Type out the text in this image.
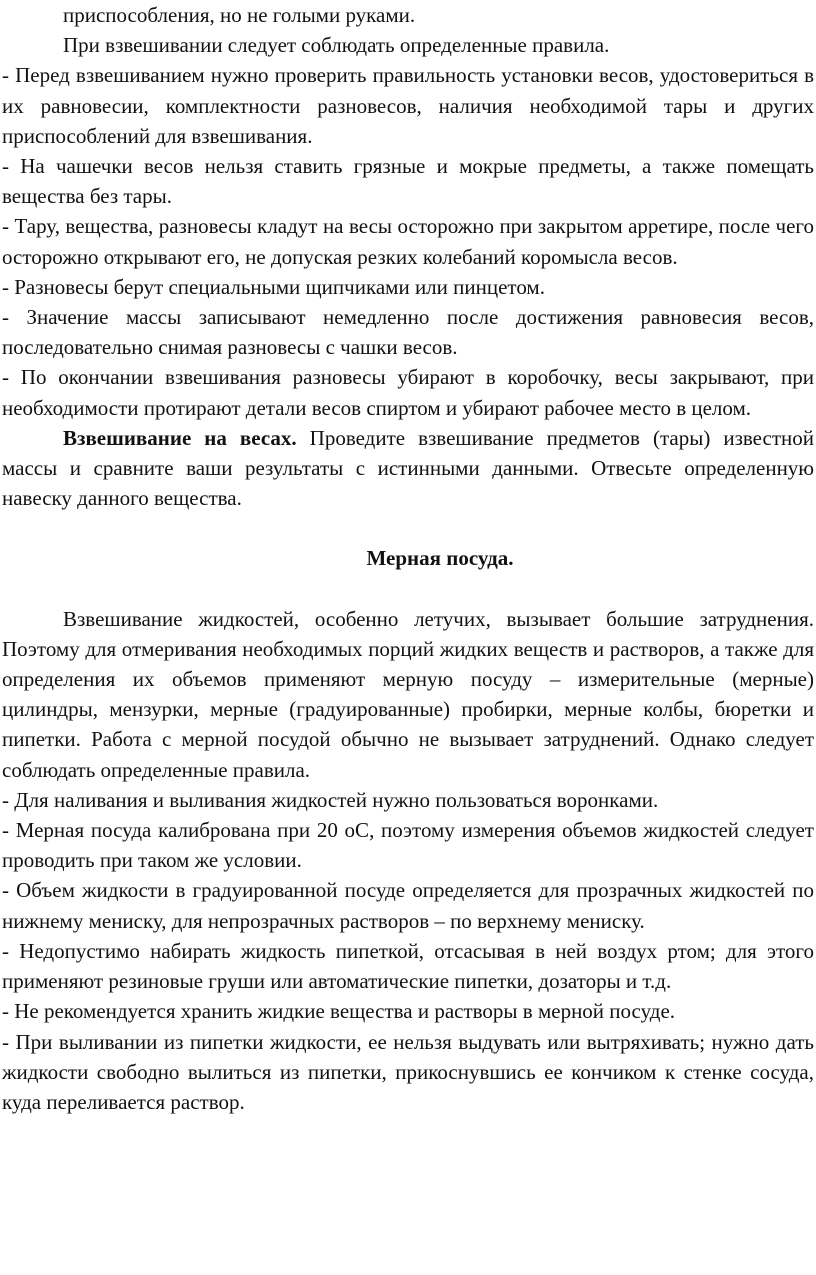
приспособления, но не голыми руками.

При взвешивании следует соблюдать определенные правила.

- Перед взвешиванием нужно проверить правильность установки весов, удостовериться в их равновесии, комплектности разновесов, наличия необходимой тары и других приспособлений для взвешивания.

- На чашечки весов нельзя ставить грязные и мокрые предметы, а также помещать вещества без тары.

- Тару, вещества, разновесы кладут на весы осторожно при закрытом арретире, после чего осторожно открывают его, не допуская резких колебаний коромысла весов.

- Разновесы берут специальными щипчиками или пинцетом.

- Значение массы записывают немедленно после достижения равновесия весов, последовательно снимая разновесы с чашки весов.

- По окончании взвешивания разновесы убирают в коробочку, весы закрывают, при необходимости протирают детали весов спиртом и убирают рабочее место в целом.

Взвешивание на весах. Проведите взвешивание предметов (тары) известной массы и сравните ваши результаты с истинными данными. Отвесьте определенную навеску данного вещества.

Мерная посуда.

Взвешивание жидкостей, особенно летучих, вызывает большие затруднения. Поэтому для отмеривания необходимых порций жидких веществ и растворов, а также для определения их объемов применяют мерную посуду – измерительные (мерные) цилиндры, мензурки, мерные (градуированные) пробирки, мерные колбы, бюретки и пипетки. Работа с мерной посудой обычно не вызывает затруднений. Однако следует соблюдать определенные правила.

- Для наливания и выливания жидкостей нужно пользоваться воронками.

- Мерная посуда калибрована при 20 оС, поэтому измерения объемов жидкостей следует проводить при таком же условии.

- Объем жидкости в градуированной посуде определяется для прозрачных жидкостей по нижнему мениску, для непрозрачных растворов – по верхнему мениску.

- Недопустимо набирать жидкость пипеткой, отсасывая в ней воздух ртом; для этого применяют резиновые груши или автоматические пипетки, дозаторы и т.д.

- Не рекомендуется хранить жидкие вещества и растворы в мерной посуде.

- При выливании из пипетки жидкости, ее нельзя выдувать или вытряхивать; нужно дать жидкости свободно вылиться из пипетки, прикоснувшись ее кончиком к стенке сосуда, куда переливается раствор.
